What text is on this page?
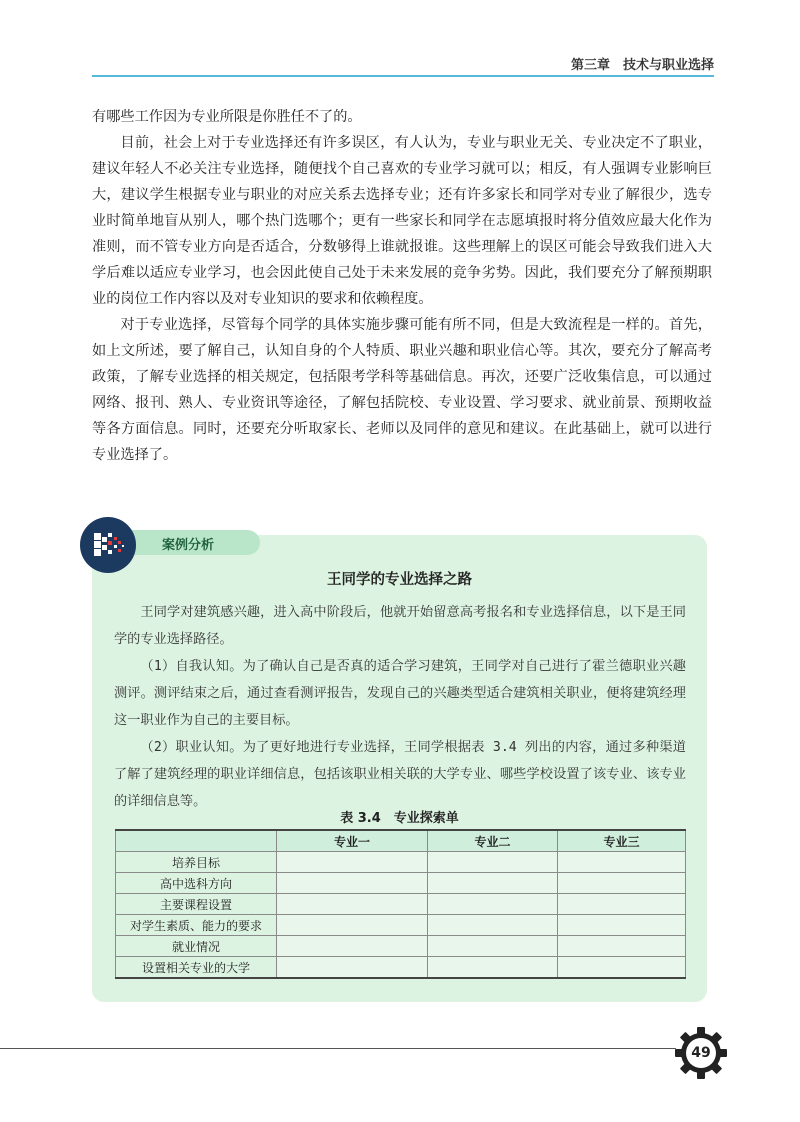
第三章　技术与职业选择

有哪些工作因为专业所限是你胜任不了的。

目前，社会上对于专业选择还有许多误区，有人认为，专业与职业无关、专业决定不了职业，建议年轻人不必关注专业选择，随便找个自己喜欢的专业学习就可以；相反，有人强调专业影响巨大，建议学生根据专业与职业的对应关系去选择专业；还有许多家长和同学对专业了解很少，选专业时简单地盲从别人，哪个热门选哪个；更有一些家长和同学在志愿填报时将分值效应最大化作为准则，而不管专业方向是否适合，分数够得上谁就报谁。这些理解上的误区可能会导致我们进入大学后难以适应专业学习，也会因此使自己处于未来发展的竞争劣势。因此，我们要充分了解预期职业的岗位工作内容以及对专业知识的要求和依赖程度。

对于专业选择，尽管每个同学的具体实施步骤可能有所不同，但是大致流程是一样的。首先，如上文所述，要了解自己，认知自身的个人特质、职业兴趣和职业信心等。其次，要充分了解高考政策，了解专业选择的相关规定，包括限考学科等基础信息。再次，还要广泛收集信息，可以通过网络、报刊、熟人、专业资讯等途径，了解包括院校、专业设置、学习要求、就业前景、预期收益等各方面信息。同时，还要充分听取家长、老师以及同伴的意见和建议。在此基础上，就可以进行专业选择了。

案例分析
王同学的专业选择之路

王同学对建筑感兴趣，进入高中阶段后，他就开始留意高考报名和专业选择信息，以下是王同学的专业选择路径。

（1）自我认知。为了确认自己是否真的适合学习建筑，王同学对自己进行了霍兰德职业兴趣测评。测评结束之后，通过查看测评报告，发现自己的兴趣类型适合建筑相关职业，便将建筑经理这一职业作为自己的主要目标。

（2）职业认知。为了更好地进行专业选择，王同学根据表 3.4 列出的内容，通过多种渠道了解了建筑经理的职业详细信息，包括该职业相关联的大学专业、哪些学校设置了该专业、该专业的详细信息等。

表 3.4　专业探索单
	专业一	专业二	专业三
培养目标			
高中选科方向			
主要课程设置			
对学生素质、能力的要求			
就业情况			
设置相关专业的大学			
49
